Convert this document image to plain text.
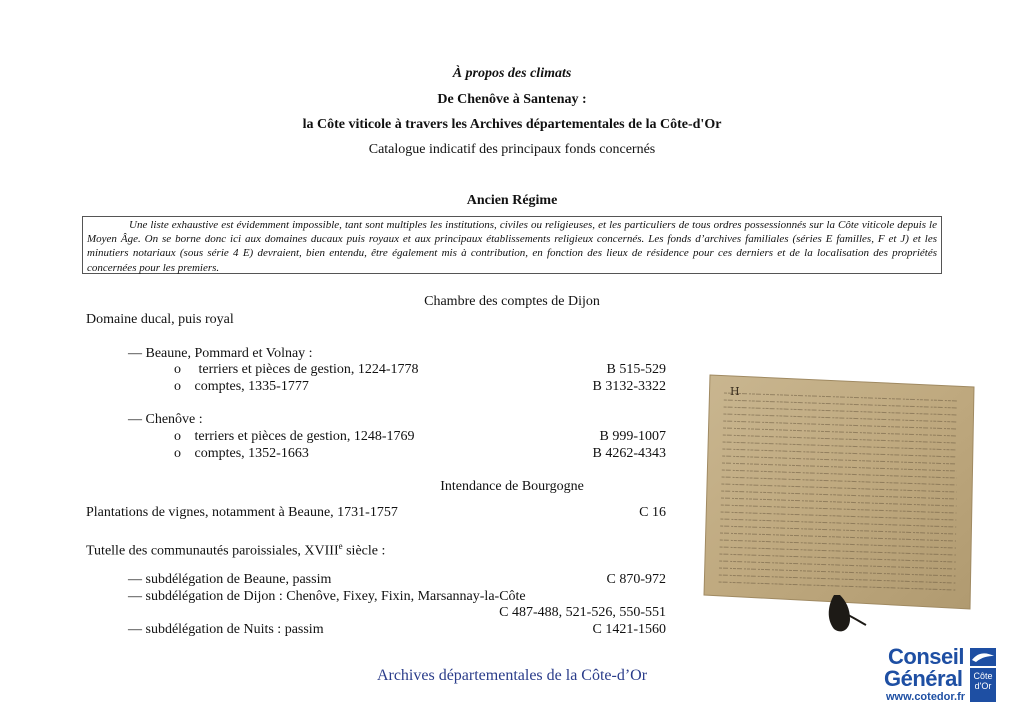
À propos des climats
De Chenôve à Santenay :
la Côte viticole à travers les Archives départementales de la Côte-d'Or
Catalogue indicatif des principaux fonds concernés
Ancien Régime

Une liste exhaustive est évidemment impossible, tant sont multiples les institutions, civiles ou religieuses, et les particuliers de tous ordres possessionnés sur la Côte viticole depuis le Moyen Âge. On se borne donc ici aux domaines ducaux puis royaux et aux principaux établissements religieux concernés. Les fonds d’archives familiales (séries E familles, F et J) et les minutiers notariaux (sous série 4 E) devraient, bien entendu, être également mis à contribution, en fonction des lieux de résidence pour ces derniers et de la localisation des propriétés concernées pour les premiers.

Chambre des comptes de Dijon
Domaine ducal, puis royal
— Beaune, Pommard et Volnay :
o terriers et pièces de gestion, 1224-1778	B 515-529
o comptes, 1335-1777	B 3132-3322
— Chenôve :
o terriers et pièces de gestion, 1248-1769	B 999-1007
o comptes, 1352-1663	B 4262-4343
Intendance de Bourgogne
Plantations de vignes, notamment à Beaune, 1731-1757	C 16
Tutelle des communautés paroissiales, XVIIIe siècle :
— subdélégation de Beaune, passim	C 870-972
— subdélégation de Dijon : Chenôve, Fixey, Fixin, Marsannay-la-Côte
C 487-488, 521-526, 550-551
— subdélégation de Nuits : passim	C 1421-1560
H
Archives départementales de la Côte-d’Or
Conseil
Général
www.cotedor.fr
Côte
d'Or
